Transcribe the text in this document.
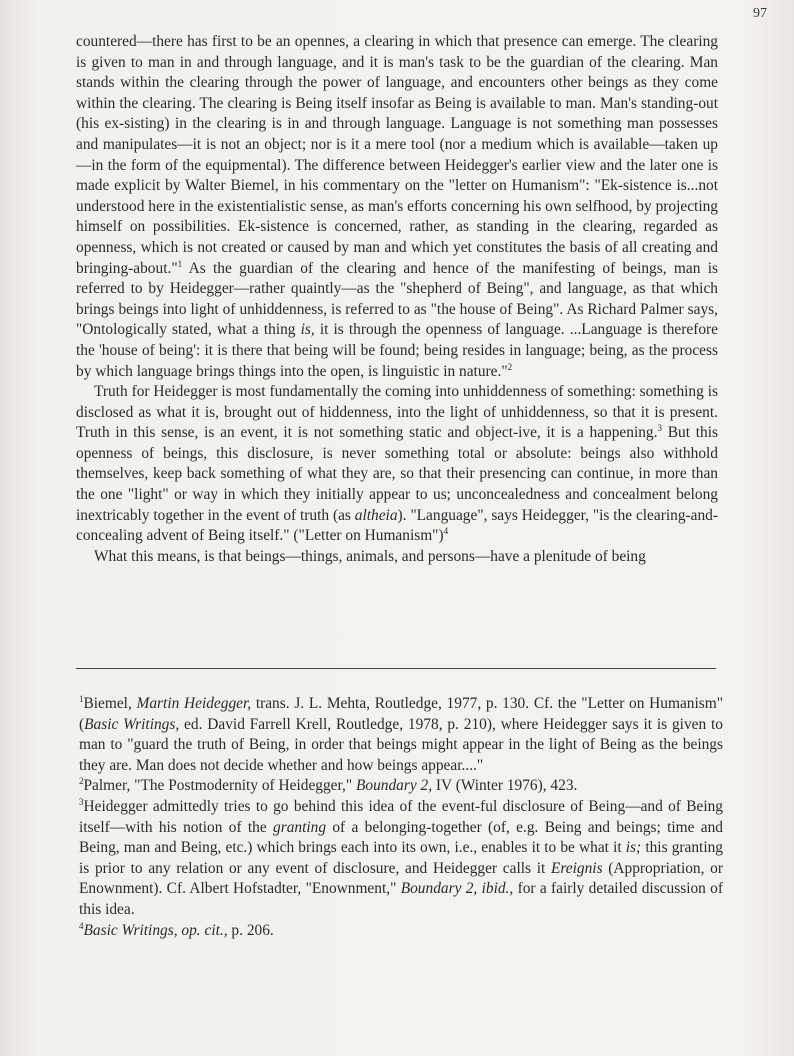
97

countered—there has first to be an opennes, a clearing in which that presence can emerge. The clearing is given to man in and through language, and it is man's task to be the guardian of the clearing. Man stands within the clearing through the power of language, and encounters other beings as they come within the clearing. The clearing is Being itself insofar as Being is available to man. Man's standing-out (his ex-sisting) in the clearing is in and through language. Language is not something man possesses and manipulates—it is not an object; nor is it a mere tool (nor a medium which is available—taken up—in the form of the equipmental). The difference between Heidegger's earlier view and the later one is made explicit by Walter Biemel, in his commentary on the "letter on Humanism": "Ek-sistence is...not understood here in the existentialistic sense, as man's efforts concerning his own selfhood, by projecting himself on possibilities. Ek-sistence is concerned, rather, as standing in the clearing, regarded as openness, which is not created or caused by man and which yet constitutes the basis of all creating and bringing-about."$^1$ As the guardian of the clearing and hence of the manifesting of beings, man is referred to by Heidegger—rather quaintly—as the "shepherd of Being", and language, as that which brings beings into light of unhiddenness, is referred to as "the house of Being". As Richard Palmer says, "Ontologically stated, what a thing is, it is through the openness of language. ...Language is therefore the 'house of being': it is there that being will be found; being resides in language; being, as the process by which language brings things into the open, is linguistic in nature."$^2$

Truth for Heidegger is most fundamentally the coming into unhiddenness of something: something is disclosed as what it is, brought out of hiddenness, into the light of unhiddenness, so that it is present. Truth in this sense, is an event, it is not something static and object-ive, it is a happening.$^3$ But this openness of beings, this disclosure, is never something total or absolute: beings also withhold themselves, keep back something of what they are, so that their presencing can continue, in more than the one "light" or way in which they initially appear to us; unconcealedness and concealment belong inextricably together in the event of truth (as altheia). "Language", says Heidegger, "is the clearing-and-concealing advent of Being itself." ("Letter on Humanism")$^4$

What this means, is that beings—things, animals, and persons—have a plenitude of being

$^1$Biemel, Martin Heidegger, trans. J. L. Mehta, Routledge, 1977, p. 130. Cf. the "Letter on Humanism" (Basic Writings, ed. David Farrell Krell, Routledge, 1978, p. 210), where Heidegger says it is given to man to "guard the truth of Being, in order that beings might appear in the light of Being as the beings they are. Man does not decide whether and how beings appear...."

$^2$Palmer, "The Postmodernity of Heidegger," Boundary 2, IV (Winter 1976), 423.

$^3$Heidegger admittedly tries to go behind this idea of the event-ful disclosure of Being—and of Being itself—with his notion of the granting of a belonging-together (of, e.g. Being and beings; time and Being, man and Being, etc.) which brings each into its own, i.e., enables it to be what it is; this granting is prior to any relation or any event of disclosure, and Heidegger calls it Ereignis (Appropriation, or Enownment). Cf. Albert Hofstadter, "Enownment," Boundary 2, ibid., for a fairly detailed discussion of this idea.

$^4$Basic Writings, op. cit., p. 206.
